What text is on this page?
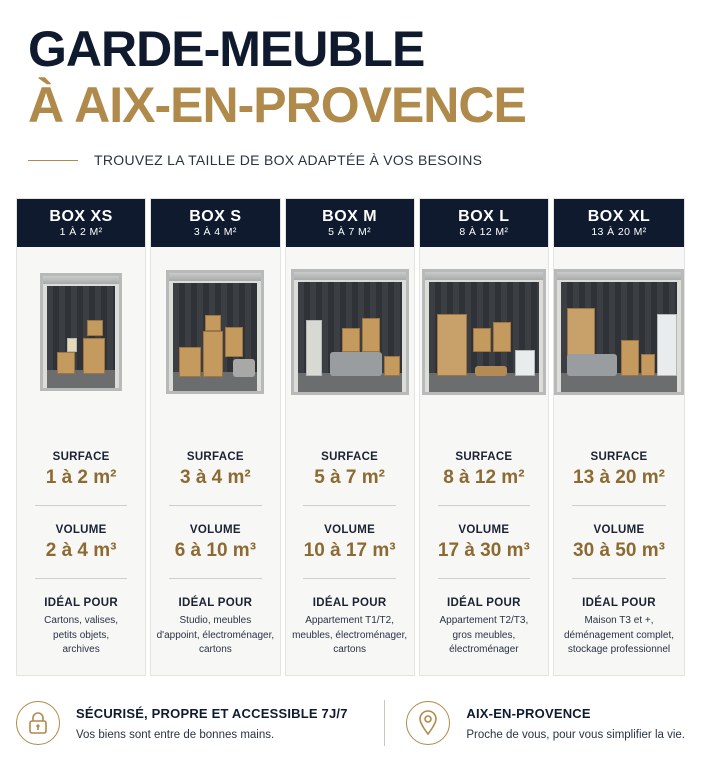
GARDE-MEUBLE
À AIX-EN-PROVENCE
TROUVEZ LA TAILLE DE BOX ADAPTÉE À VOS BESOINS
BOX XS
1 À 2 M²
SURFACE
1 à 2 m²
VOLUME
2 à 4 m³
IDÉAL POUR
Cartons, valises,
petits objets,
archives
BOX S
3 À 4 M²
SURFACE
3 à 4 m²
VOLUME
6 à 10 m³
IDÉAL POUR
Studio, meubles
d'appoint, électroménager,
cartons
BOX M
5 À 7 M²
SURFACE
5 à 7 m²
VOLUME
10 à 17 m³
IDÉAL POUR
Appartement T1/T2,
meubles, électroménager,
cartons
BOX L
8 À 12 M²
SURFACE
8 à 12 m²
VOLUME
17 à 30 m³
IDÉAL POUR
Appartement T2/T3,
gros meubles,
électroménager
BOX XL
13 À 20 M²
SURFACE
13 à 20 m²
VOLUME
30 à 50 m³
IDÉAL POUR
Maison T3 et +,
déménagement complet,
stockage professionnel
SÉCURISÉ, PROPRE ET ACCESSIBLE 7J/7
Vos biens sont entre de bonnes mains.
AIX-EN-PROVENCE
Proche de vous, pour vous simplifier la vie.
